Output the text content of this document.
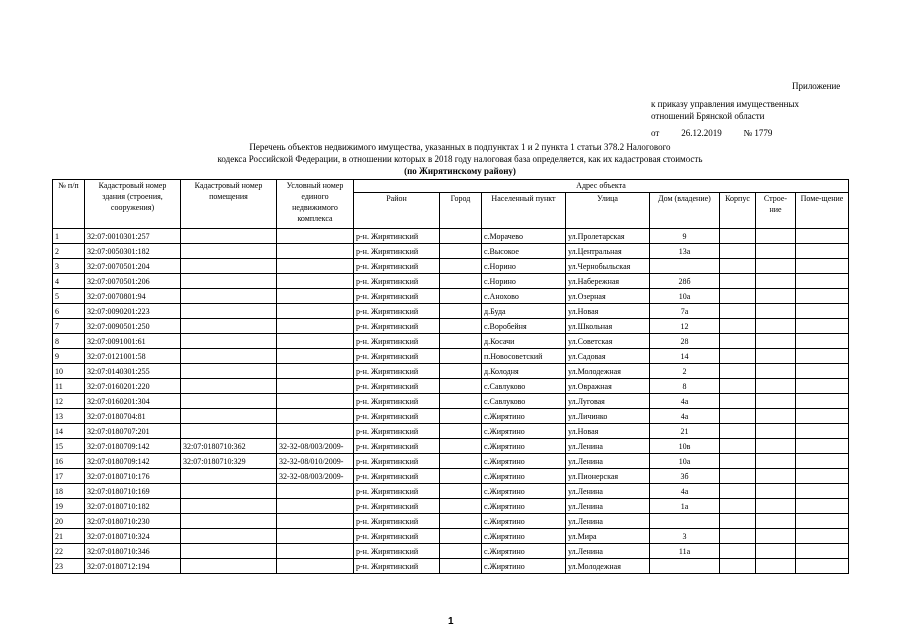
Приложение
к приказу управления имущественных
отношений Брянской области
от 26.12.2019 № 1779
Перечень объектов недвижимого имущества, указанных в подпунктах 1 и 2 пункта 1 статьи 378.2 Налогового
кодекса Российской Федерации, в отношении которых в 2018 году налоговая база определяется, как их кадастровая стоимость
(по Жирятинскому району)
№ п/п	Кадастровый номер здания (строения, сооружения)	Кадастровый номер помещения	Условный номер единого недвижимого комплекса	Адрес объекта							
				Район	Город	Населенный пункт	Улица	Дом (владение)	Корпус	Строе-ние	Поме-щение
1	32:07:0010301:257			р-н. Жирятинский		с.Морачево	ул.Пролетарская	9			
2	32:07:0050301:182			р-н. Жирятинский		с.Высокое	ул.Центральная	13а			
3	32:07:0070501:204			р-н. Жирятинский		с.Норино	ул.Чернобыльская				
4	32:07:0070501:206			р-н. Жирятинский		с.Норино	ул.Набережная	28б			
5	32:07:0070801:94			р-н. Жирятинский		с.Анохово	ул.Озерная	10а			
6	32:07:0090201:223			р-н. Жирятинский		д.Буда	ул.Новая	7а			
7	32:07:0090501:250			р-н. Жирятинский		с.Воробейня	ул.Школьная	12			
8	32:07:0091001:61			р-н. Жирятинский		д.Косачи	ул.Советская	28			
9	32:07:0121001:58			р-н. Жирятинский		п.Новосоветский	ул.Садовая	14			
10	32:07:0140301:255			р-н. Жирятинский		д.Колодня	ул.Молодежная	2			
11	32:07:0160201:220			р-н. Жирятинский		с.Савлуково	ул.Овражная	8			
12	32:07:0160201:304			р-н. Жирятинский		с.Савлуково	ул.Луговая	4а			
13	32:07:0180704:81			р-н. Жирятинский		с.Жирятино	ул.Личинко	4а			
14	32:07:0180707:201			р-н. Жирятинский		с.Жирятино	ул.Новая	21			
15	32:07:0180709:142	32:07:0180710:362	32-32-08/003/2009-	р-н. Жирятинский		с.Жирятино	ул.Ленина	10в			
16	32:07:0180709:142	32:07:0180710:329	32-32-08/010/2009-	р-н. Жирятинский		с.Жирятино	ул.Ленина	10а			
17	32:07:0180710:176		32-32-08/003/2009-	р-н. Жирятинский		с.Жирятино	ул.Пионерская	3б			
18	32:07:0180710:169			р-н. Жирятинский		с.Жирятино	ул.Ленина	4а			
19	32:07:0180710:182			р-н. Жирятинский		с.Жирятино	ул.Ленина	1а			
20	32:07:0180710:230			р-н. Жирятинский		с.Жирятино	ул.Ленина				
21	32:07:0180710:324			р-н. Жирятинский		с.Жирятино	ул.Мира	3			
22	32:07:0180710:346			р-н. Жирятинский		с.Жирятино	ул.Ленина	11а			
23	32:07:0180712:194			р-н. Жирятинский		с.Жирятино	ул.Молодежная				
1
